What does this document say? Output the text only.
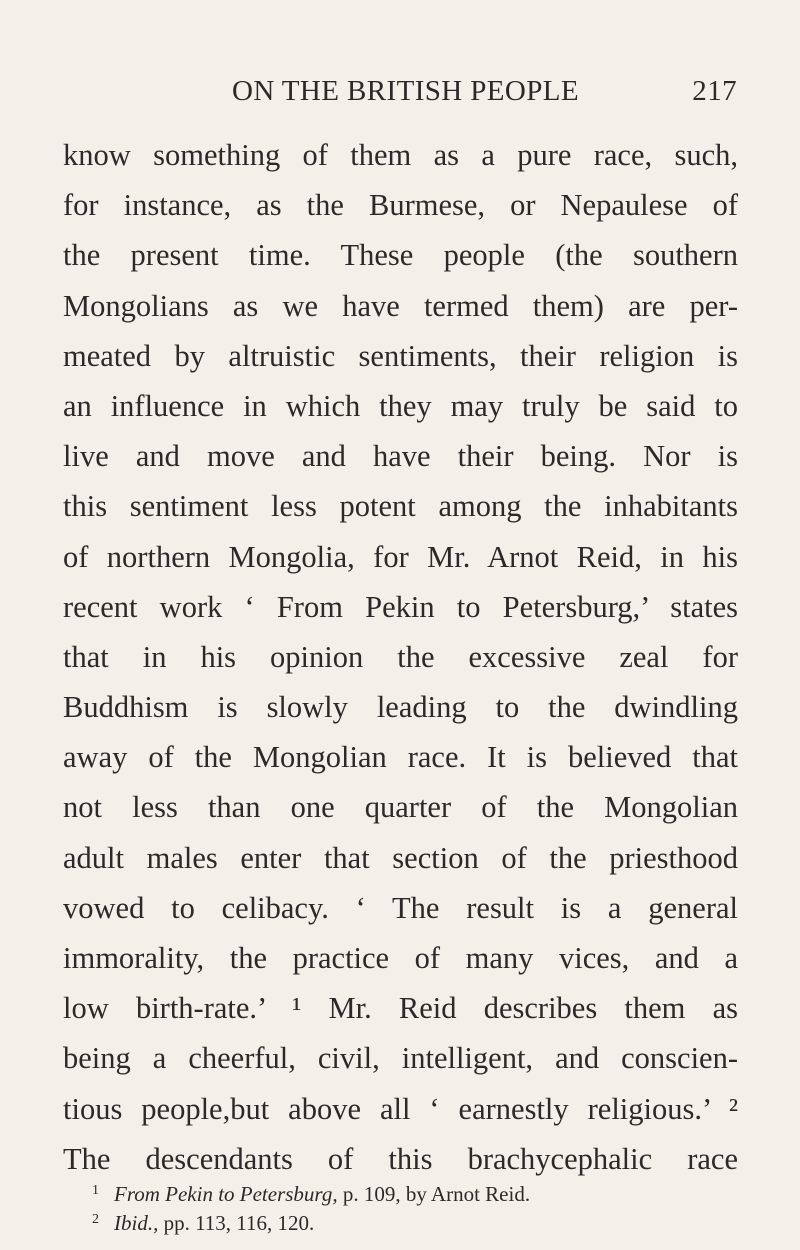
ON THE BRITISH PEOPLE	217
know something of them as a pure race, such,
for instance, as the Burmese, or Nepaulese of
the present time. These people (the southern
Mongolians as we have termed them) are per-
meated by altruistic sentiments, their religion is
an influence in which they may truly be said to
live and move and have their being. Nor is
this sentiment less potent among the inhabitants
of northern Mongolia, for Mr. Arnot Reid, in his
recent work ‘ From Pekin to Petersburg,’ states
that in his opinion the excessive zeal for
Buddhism is slowly leading to the dwindling
away of the Mongolian race. It is believed that
not less than one quarter of the Mongolian
adult males enter that section of the priesthood
vowed to celibacy. ‘ The result is a general
immorality, the practice of many vices, and a
low birth-rate.’ ¹ Mr. Reid describes them as
being a cheerful, civil, intelligent, and conscien-
tious people,but above all ‘ earnestly religious.’ ²
The descendants of this brachycephalic race
1 From Pekin to Petersburg, p. 109, by Arnot Reid.
2 Ibid., pp. 113, 116, 120.
